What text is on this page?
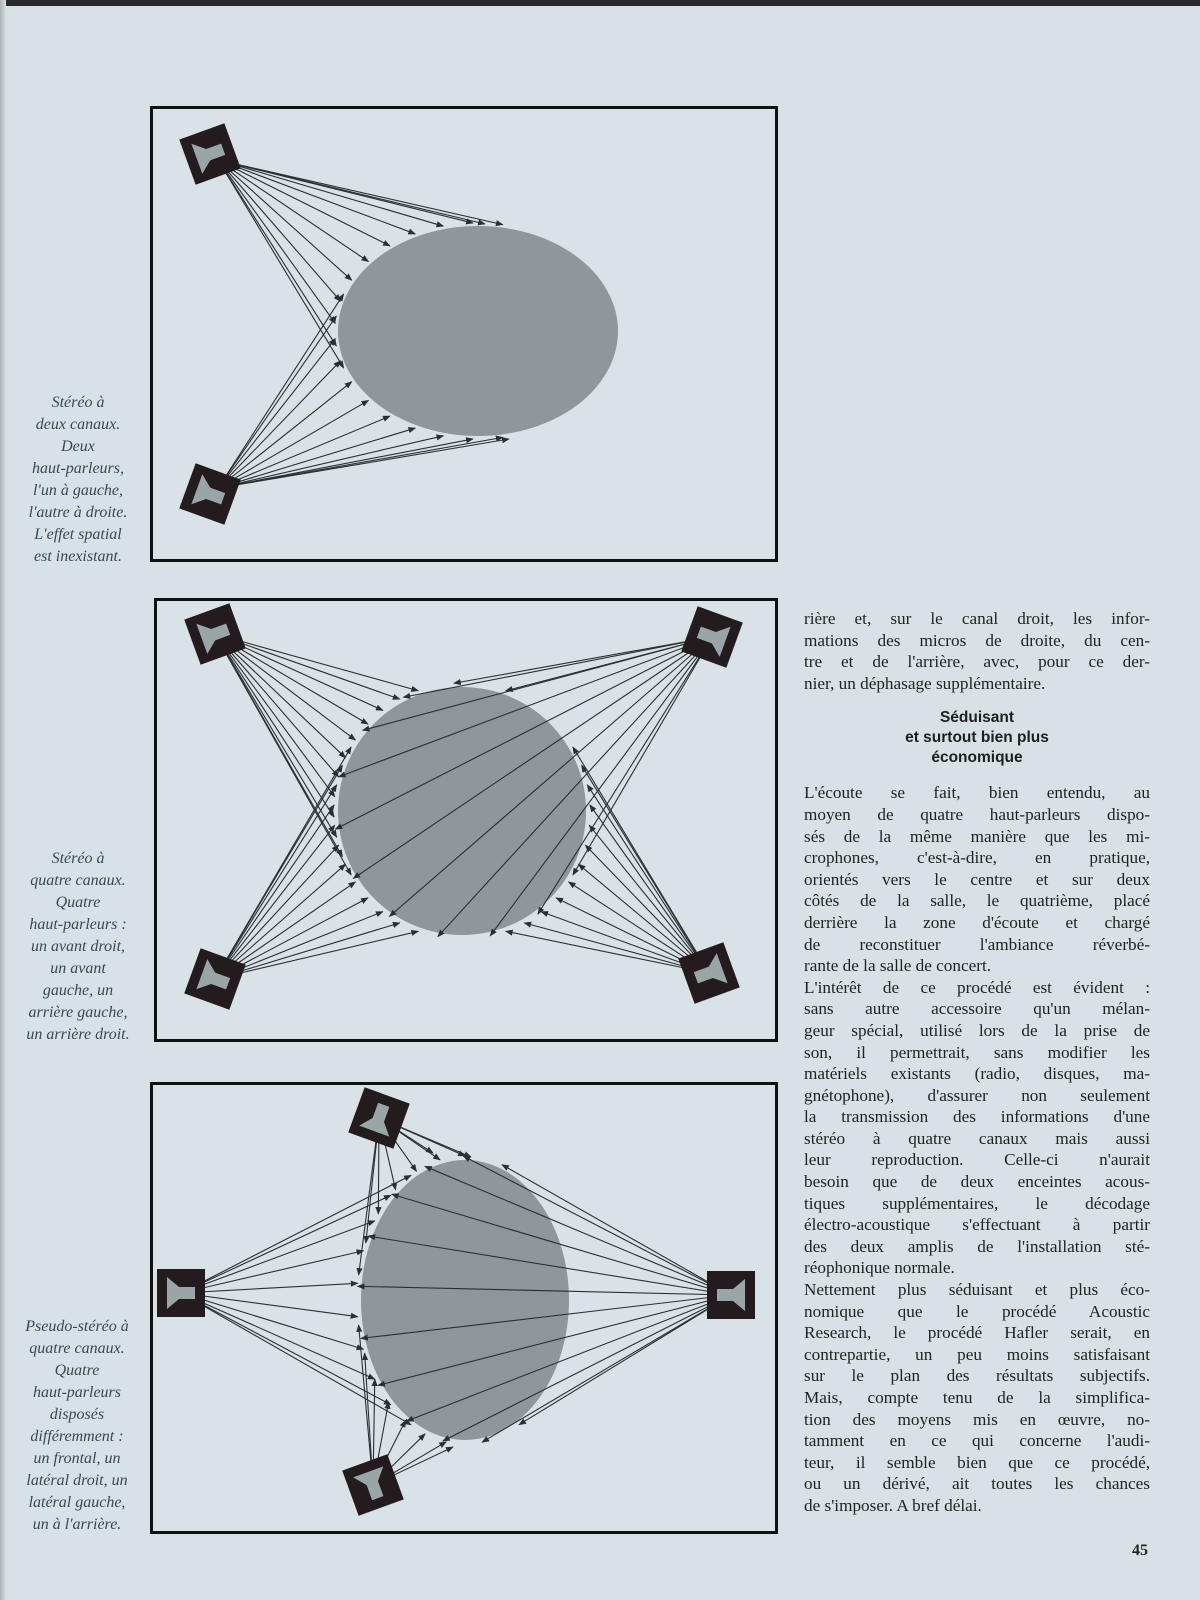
Stéréo à
deux canaux.
Deux
haut-parleurs,
l'un à gauche,
l'autre à droite.
L'effet spatial
est inexistant.
Stéréo à
quatre canaux.
Quatre
haut-parleurs :
un avant droit,
un avant
gauche, un
arrière gauche,
un arrière droit.
Pseudo-stéréo à
quatre canaux.
Quatre
haut-parleurs
disposés
différemment :
un frontal, un
latéral droit, un
latéral gauche,
un à l'arrière.

rière et, sur le canal droit, les infor-

mations des micros de droite, du cen-

tre et de l'arrière, avec, pour ce der-

nier, un déphasage supplémentaire.

Séduisant
et surtout bien plus
économique

L'écoute se fait, bien entendu, au

moyen de quatre haut-parleurs dispo-

sés de la même manière que les mi-

crophones, c'est-à-dire, en pratique,

orientés vers le centre et sur deux

côtés de la salle, le quatrième, placé

derrière la zone d'écoute et chargé

de reconstituer l'ambiance réverbé-

rante de la salle de concert.

L'intérêt de ce procédé est évident :

sans autre accessoire qu'un mélan-

geur spécial, utilisé lors de la prise de

son, il permettrait, sans modifier les

matériels existants (radio, disques, ma-

gnétophone), d'assurer non seulement

la transmission des informations d'une

stéréo à quatre canaux mais aussi

leur reproduction. Celle-ci n'aurait

besoin que de deux enceintes acous-

tiques supplémentaires, le décodage

électro-acoustique s'effectuant à partir

des deux amplis de l'installation sté-

réophonique normale.

Nettement plus séduisant et plus éco-

nomique que le procédé Acoustic

Research, le procédé Hafler serait, en

contrepartie, un peu moins satisfaisant

sur le plan des résultats subjectifs.

Mais, compte tenu de la simplifica-

tion des moyens mis en œuvre, no-

tamment en ce qui concerne l'audi-

teur, il semble bien que ce procédé,

ou un dérivé, ait toutes les chances

de s'imposer. A bref délai.

45
